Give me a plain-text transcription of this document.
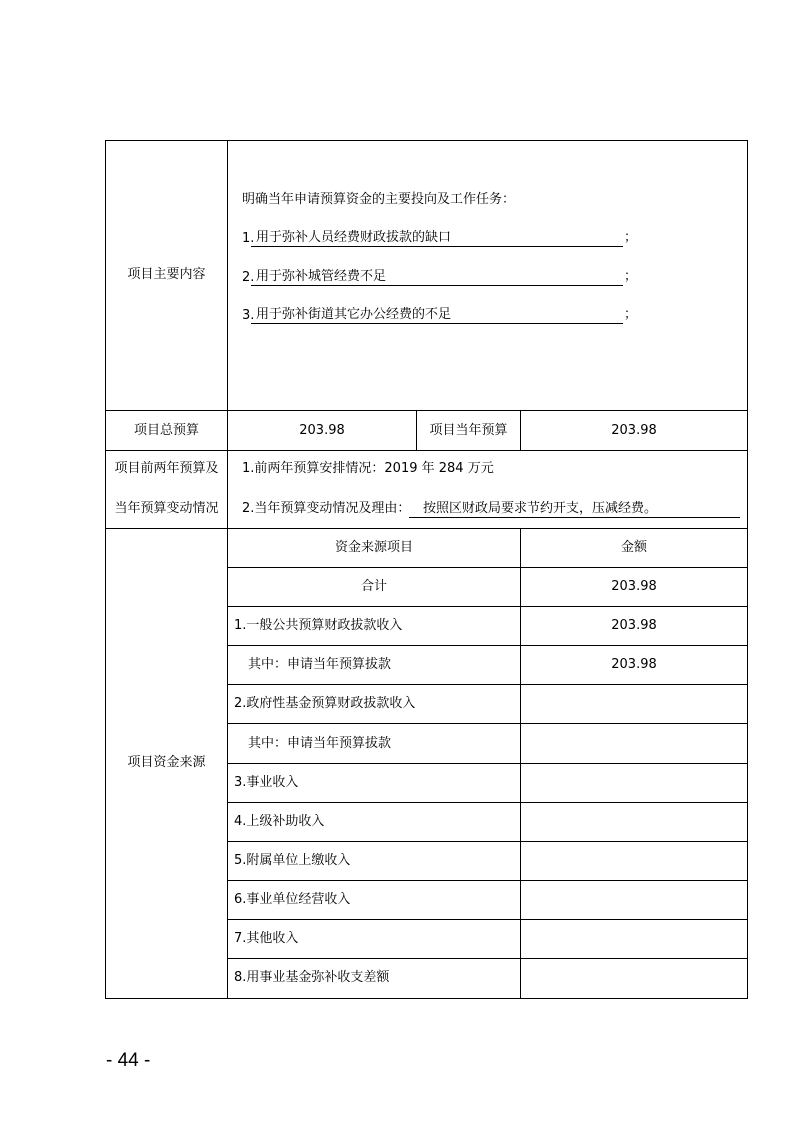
项目主要内容
明确当年申请预算资金的主要投向及工作任务：
1. 用于弥补人员经费财政拔款的缺口	；
2. 用于弥补城管经费不足	；
3. 用于弥补街道其它办公经费的不足	；
项目总预算	203.98	项目当年预算	203.98
项目前两年预算及
当年预算变动情况
1.前两年预算安排情况：2019 年 284 万元
2.当年预算变动情况及理由： 按照区财政局要求节约开支，压减经费。
项目资金来源
资金来源项目	金额
合计	203.98
1.一般公共预算财政拔款收入	203.98
其中：申请当年预算拔款	203.98
2.政府性基金预算财政拔款收入
其中：申请当年预算拔款
3.事业收入
4.上级补助收入
5.附属单位上缴收入
6.事业单位经营收入
7.其他收入
8.用事业基金弥补收支差额
- 44 -
